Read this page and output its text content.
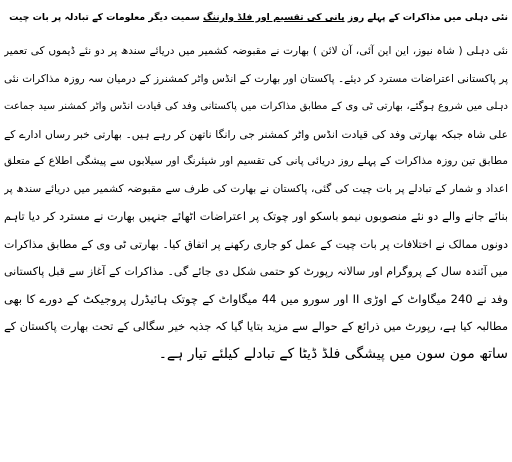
نئی دہلی میں مذاکرات کے پہلے روز پانی کی تقسیم اور فلڈ وارننگ سمیت دیگر معلومات کے تبادلہ پر بات چیت
نئی دہلی ( شاہ نیوز، این این آئی، آن لائن ) بھارت نے مقبوضہ کشمیر میں دریائے سندھ پر دو نئے ڈیموں کی تعمیر
پر پاکستانی اعتراضات مسترد کر دیئے۔ پاکستان اور بھارت کے انڈس واٹر کمشنرز کے درمیان سہ روزہ مذاکرات نئی
دہلی میں شروع ہوگئے، بھارتی ٹی وی کے مطابق مذاکرات میں پاکستانی وفد کی قیادت انڈس واٹر کمشنر سید جماعت
علی شاہ جبکہ بھارتی وفد کی قیادت انڈس واٹر کمشنر جی رانگا ناتھن کر رہے ہیں۔ بھارتی خبر رساں ادارے کے
مطابق تین روزہ مذاکرات کے پہلے روز دریائی پانی کی تقسیم اور شیئرنگ اور سیلابوں سے پیشگی اطلاع کے متعلق
اعداد و شمار کے تبادلے پر بات چیت کی گئی، پاکستان نے بھارت کی طرف سے مقبوضہ کشمیر میں دریائے سندھ پر
بنائے جانے والے دو نئے منصوبوں نیمو باسکو اور چوتک پر اعتراضات اٹھائے جنہیں بھارت نے مسترد کر دیا تاہم
دونوں ممالک نے اختلافات پر بات چیت کے عمل کو جاری رکھنے پر اتفاق کیا۔ بھارتی ٹی وی کے مطابق مذاکرات
میں آئندہ سال کے پروگرام اور سالانہ رپورٹ کو حتمی شکل دی جائے گی۔ مذاکرات کے آغاز سے قبل پاکستانی
وفد نے 240 میگاواٹ کے اوڑی II اور سورو میں 44 میگاواٹ کے چوتک ہائیڈرل پروجیکٹ کے دورے کا بھی
مطالبہ کیا ہے، رپورٹ میں ذرائع کے حوالے سے مزید بتایا گیا کہ جذبہ خیر سگالی کے تحت بھارت پاکستان کے
ساتھ مون سون میں پیشگی فلڈ ڈیٹا کے تبادلے کیلئے تیار ہے۔
